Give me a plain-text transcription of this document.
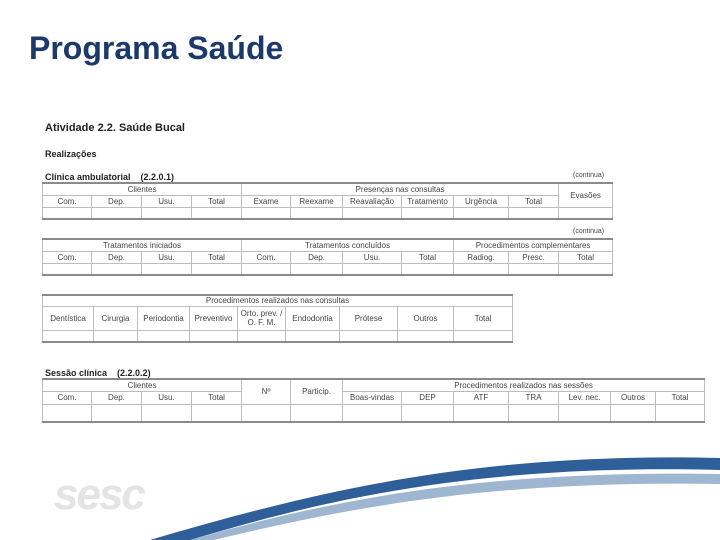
Programa Saúde
Atividade 2.2. Saúde Bucal
Realizações
Clínica ambulatorial (2.2.0.1)	(continua)
Clientes				Presenças nas consultas						Evasões
Com.	Dep.	Usu.	Total	Exame	Reexame	Reavaliação	Tratamento	Urgência	Total	

(continua)
Tratamentos iniciados				Tratamentos concluídos				Procedimentos complementares		
Com.	Dep.	Usu.	Total	Com.	Dep.	Usu.	Total	Radiog.	Presc.	Total

Procedimentos realizados nas consultas								
Dentística	Cirurgia	Periodontia	Preventivo	Orto. prev. / O. F. M.	Endodontia	Prótese	Outros	Total

Sessão clínica (2.2.0.2)
Clientes				Nº	Particip.	Procedimentos realizados nas sessões						
Com.	Dep.	Usu.	Total			Boas-vindas	DEP	ATF	TRA	Lev. nec.	Outros	Total

sesc
